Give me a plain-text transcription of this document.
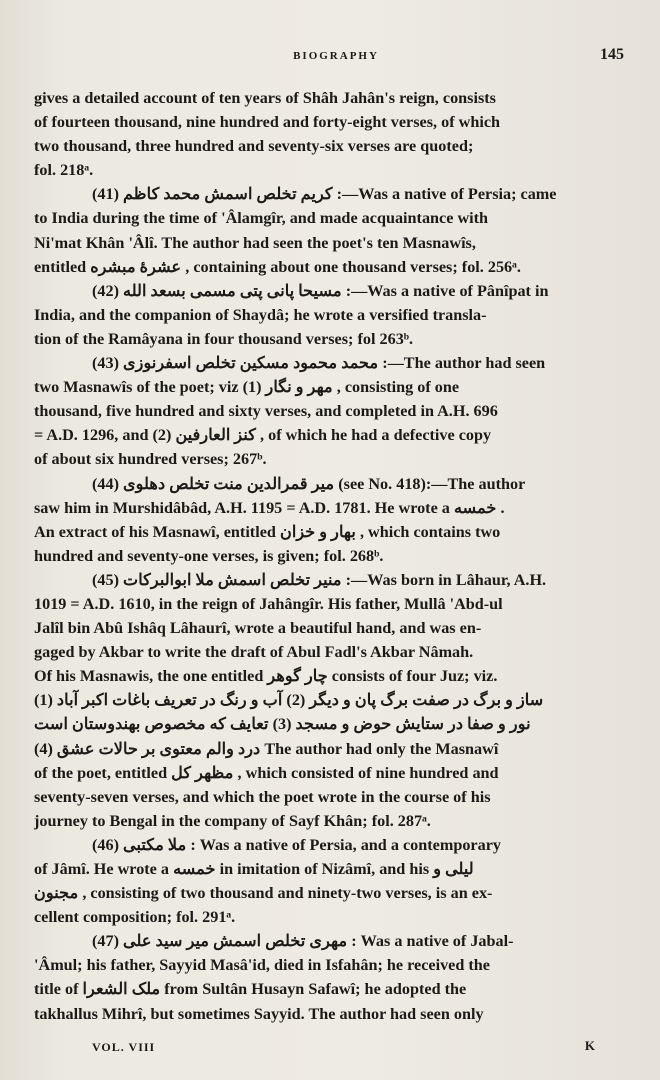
BIOGRAPHY	145
gives a detailed account of ten years of Shâh Jahân's reign, consists
of fourteen thousand, nine hundred and forty-eight verses, of which
two thousand, three hundred and seventy-six verses are quoted;
fol. 218ᵃ.
(41) کریم تخلص اسمش محمد کاظم :—Was a native of Persia; came
to India during the time of 'Âlamgîr, and made acquaintance with
Ni'mat Khân 'Âlî. The author had seen the poet's ten Masnawîs,
entitled عشرهٔ مبشره , containing about one thousand verses; fol. 256ᵃ.
(42) مسیحا پانی پتی مسمی بسعد الله :—Was a native of Pânîpat in
India, and the companion of Shaydâ; he wrote a versified transla-
tion of the Ramâyana in four thousand verses; fol 263ᵇ.
(43) محمد محمود مسکین تخلص اسفرنوزی :—The author had seen
two Masnawîs of the poet; viz (1) مهر و نگار , consisting of one
thousand, five hundred and sixty verses, and completed in A.H. 696
= A.D. 1296, and (2) کنز العارفین , of which he had a defective copy
of about six hundred verses; 267ᵇ.
(44) میر قمرالدین منت تخلص دهلوی (see No. 418):—The author
saw him in Murshidâbâd, A.H. 1195 = A.D. 1781. He wrote a خمسه .
An extract of his Masnawî, entitled بهار و خزان , which contains two
hundred and seventy-one verses, is given; fol. 268ᵇ.
(45) منیر تخلص اسمش ملا ابوالبرکات :—Was born in Lâhaur, A.H.
1019 = A.D. 1610, in the reign of Jahângîr. His father, Mullâ 'Abd-ul
Jalîl bin Abû Ishâq Lâhaurî, wrote a beautiful hand, and was en-
gaged by Akbar to write the draft of Abul Fadl's Akbar Nâmah.
Of his Masnawis, the one entitled چار گوهر consists of four Juz; viz.
(1) ساز و برگ در صفت برگ پان و دیگر (2) آب و رنگ در تعریف باغات اکبر آباد
نور و صفا در ستایش حوض و مسجد (3) تعایف که مخصوص بهندوستان است
(4) درد والم معتوی بر حالات عشق The author had only the Masnawî
of the poet, entitled مظهر کل , which consisted of nine hundred and
seventy-seven verses, and which the poet wrote in the course of his
journey to Bengal in the company of Sayf Khân; fol. 287ᵃ.
(46) ملا مکتبی : Was a native of Persia, and a contemporary
of Jâmî. He wrote a خمسه in imitation of Nizâmî, and his لیلی و
مجنون , consisting of two thousand and ninety-two verses, is an ex-
cellent composition; fol. 291ᵃ.
(47) مهری تخلص اسمش میر سید علی : Was a native of Jabal-
'Âmul; his father, Sayyid Masâ'id, died in Isfahân; he received the
title of ملک الشعرا from Sultân Husayn Safawî; he adopted the
takhallus Mihrî, but sometimes Sayyid. The author had seen only
VOL. VIII	K
